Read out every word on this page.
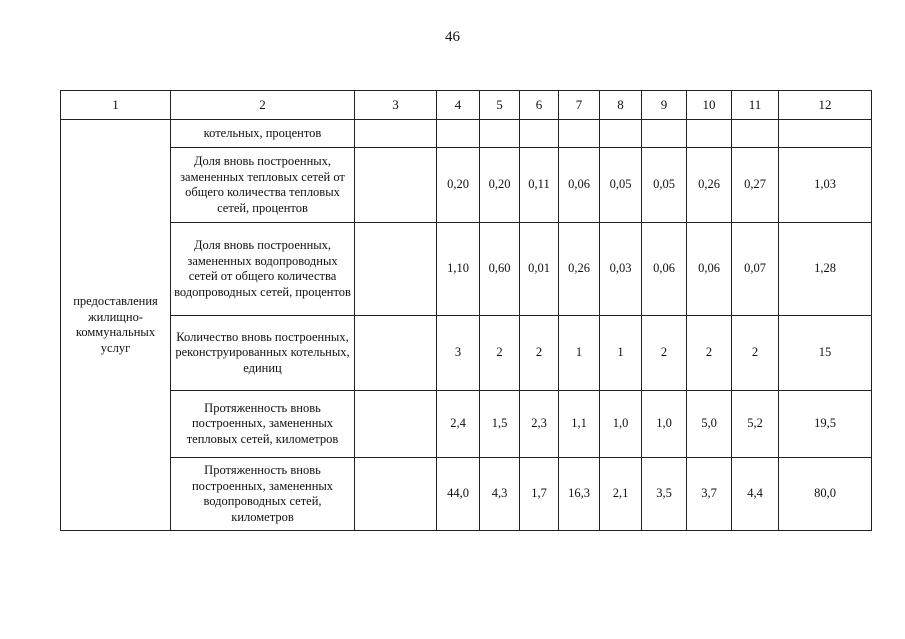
46
1	2	3	4	5	6	7	8	9	10	11	12
предоставления жилищно-коммунальных услуг	котельных, процентов										
	Доля вновь построенных, замененных тепловых сетей от общего количества тепловых сетей, процентов		0,20	0,20	0,11	0,06	0,05	0,05	0,26	0,27	1,03
	Доля вновь построенных, замененных водопроводных сетей от общего количества водопроводных сетей, процентов		1,10	0,60	0,01	0,26	0,03	0,06	0,06	0,07	1,28
	Количество вновь построенных, реконструированных котельных, единиц		3	2	2	1	1	2	2	2	15
	Протяженность вновь построенных, замененных тепловых сетей, километров		2,4	1,5	2,3	1,1	1,0	1,0	5,0	5,2	19,5
	Протяженность вновь построенных, замененных водопроводных сетей, километров		44,0	4,3	1,7	16,3	2,1	3,5	3,7	4,4	80,0
